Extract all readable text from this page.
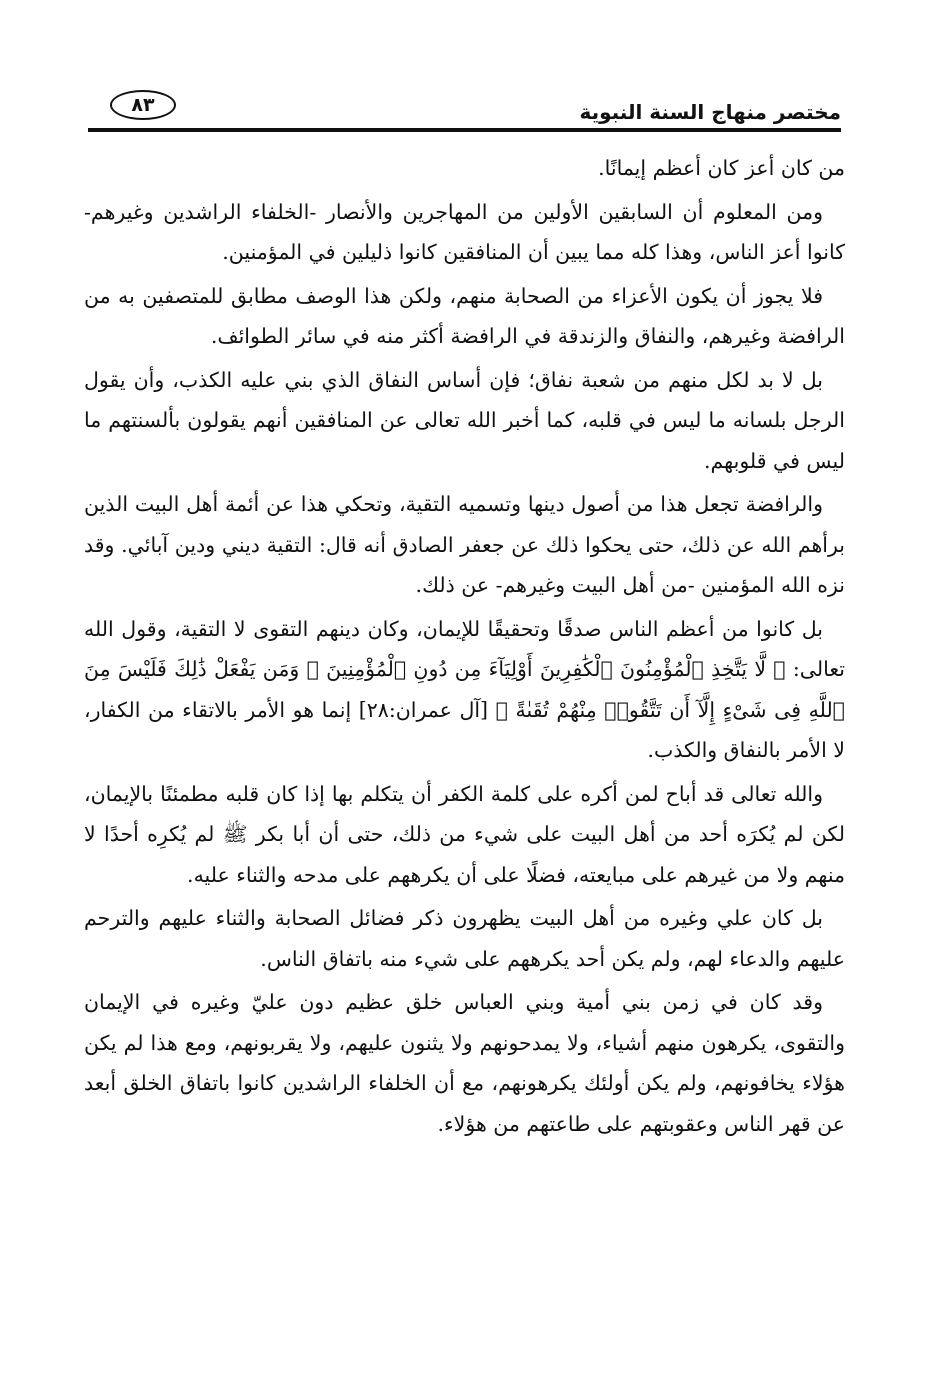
مختصر منهاج السنة النبوية
٨٣

من كان أعز كان أعظم إيمانًا.

ومن المعلوم أن السابقين الأولين من المهاجرين والأنصار -الخلفاء الراشدين وغيرهم- كانوا أعز الناس، وهذا كله مما يبين أن المنافقين كانوا ذليلين في المؤمنين.

فلا يجوز أن يكون الأعزاء من الصحابة منهم، ولكن هذا الوصف مطابق للمتصفين به من الرافضة وغيرهم، والنفاق والزندقة في الرافضة أكثر منه في سائر الطوائف.

بل لا بد لكل منهم من شعبة نفاق؛ فإن أساس النفاق الذي بني عليه الكذب، وأن يقول الرجل بلسانه ما ليس في قلبه، كما أخبر الله تعالى عن المنافقين أنهم يقولون بألسنتهم ما ليس في قلوبهم.

والرافضة تجعل هذا من أصول دينها وتسميه التقية، وتحكي هذا عن أئمة أهل البيت الذين برأهم الله عن ذلك، حتى يحكوا ذلك عن جعفر الصادق أنه قال: التقية ديني ودين آبائي. وقد نزه الله المؤمنين -من أهل البيت وغيرهم- عن ذلك.

بل كانوا من أعظم الناس صدقًا وتحقيقًا للإيمان، وكان دينهم التقوى لا التقية، وقول الله تعالى: ﴿ لَّا يَتَّخِذِ ٱلْمُؤْمِنُونَ ٱلْكَٰفِرِينَ أَوْلِيَآءَ مِن دُونِ ٱلْمُؤْمِنِينَ ۖ وَمَن يَفْعَلْ ذَٰلِكَ فَلَيْسَ مِنَ ٱللَّهِ فِى شَىْءٍ إِلَّآ أَن تَتَّقُوا۟ مِنْهُمْ تُقَىٰةً ﴾ [آل عمران:٢٨] إنما هو الأمر بالاتقاء من الكفار، لا الأمر بالنفاق والكذب.

والله تعالى قد أباح لمن أكره على كلمة الكفر أن يتكلم بها إذا كان قلبه مطمئنًا بالإيمان، لكن لم يُكرَه أحد من أهل البيت على شيء من ذلك، حتى أن أبا بكر ﷺ لم يُكرِه أحدًا لا منهم ولا من غيرهم على مبايعته، فضلًا على أن يكرههم على مدحه والثناء عليه.

بل كان علي وغيره من أهل البيت يظهرون ذكر فضائل الصحابة والثناء عليهم والترحم عليهم والدعاء لهم، ولم يكن أحد يكرههم على شيء منه باتفاق الناس.

وقد كان في زمن بني أمية وبني العباس خلق عظيم دون عليّ وغيره في الإيمان والتقوى، يكرهون منهم أشياء، ولا يمدحونهم ولا يثنون عليهم، ولا يقربونهم، ومع هذا لم يكن هؤلاء يخافونهم، ولم يكن أولئك يكرهونهم، مع أن الخلفاء الراشدين كانوا باتفاق الخلق أبعد عن قهر الناس وعقوبتهم على طاعتهم من هؤلاء.
